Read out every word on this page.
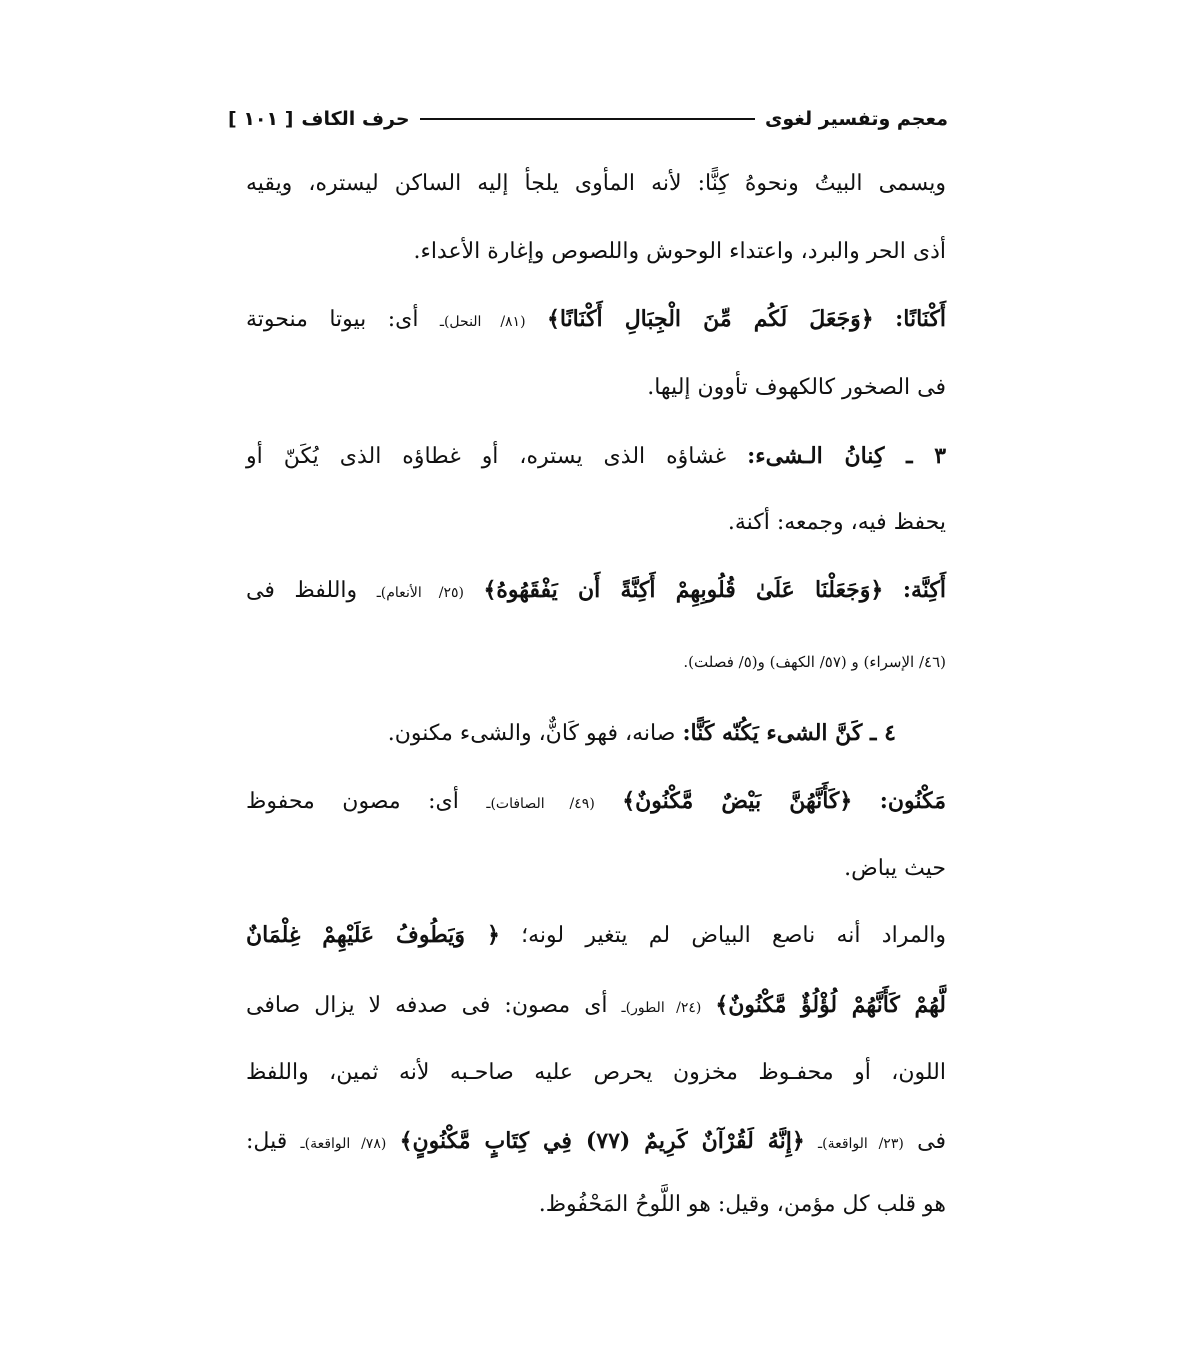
معجم وتفسير لغوى
حرف الكاف
[ ١٠١ ]
ويسمى البيتُ ونحوهُ كِنًّا: لأنه المأوى يلجأ إليه الساكن ليستره، ويقيه
أذى الحر والبرد، واعتداء الوحوش واللصوص وإغارة الأعداء.
أَكْنَانًا: ﴿وَجَعَلَ لَكُم مِّنَ الْجِبَالِ أَكْنَانًا﴾ (٨١/ النحل)ـ أى: بيوتا منحوتة
فى الصخور كالكهوف تأوون إليها.
٣ ـ كِنانُ الـشىء: غشاؤه الذى يستره، أو غطاؤه الذى يُكَنّ أو
يحفظ فيه، وجمعه: أكنة.
أَكِنَّة: ﴿وَجَعَلْنَا عَلَىٰ قُلُوبِهِمْ أَكِنَّةً أَن يَفْقَهُوهُ﴾ (٢٥/ الأنعام)ـ واللفظ فى
(٤٦/ الإسراء) و (٥٧/ الكهف) و(٥/ فصلت).
٤ ـ كَنَّ الشىء يَكُنّه كَنًّا: صانه، فهو كَانٌّ، والشىء مكنون.
مَكْنُون: ﴿كَأَنَّهُنَّ بَيْضٌ مَّكْنُونٌ﴾ (٤٩/ الصافات)ـ أى: مصون محفوظ
حيث يباض.
والمراد أنه ناصع البياض لم يتغير لونه؛ ﴿ وَيَطُوفُ عَلَيْهِمْ غِلْمَانٌ
لَّهُمْ كَأَنَّهُمْ لُؤْلُؤٌ مَّكْنُونٌ﴾ (٢٤/ الطور)ـ أى مصون: فى صدفه لا يزال صافى
اللون، أو محفـوظ مخزون يحرص عليه صاحـبه لأنه ثمين، واللفظ
فى (٢٣/ الواقعة)ـ ﴿إِنَّهُ لَقُرْآنٌ كَرِيمٌ (٧٧) فِي كِتَابٍ مَّكْنُونٍ﴾ (٧٨/ الواقعة)ـ قيل:
هو قلب كل مؤمن، وقيل: هو اللَّوحُ المَحْفُوظ.
